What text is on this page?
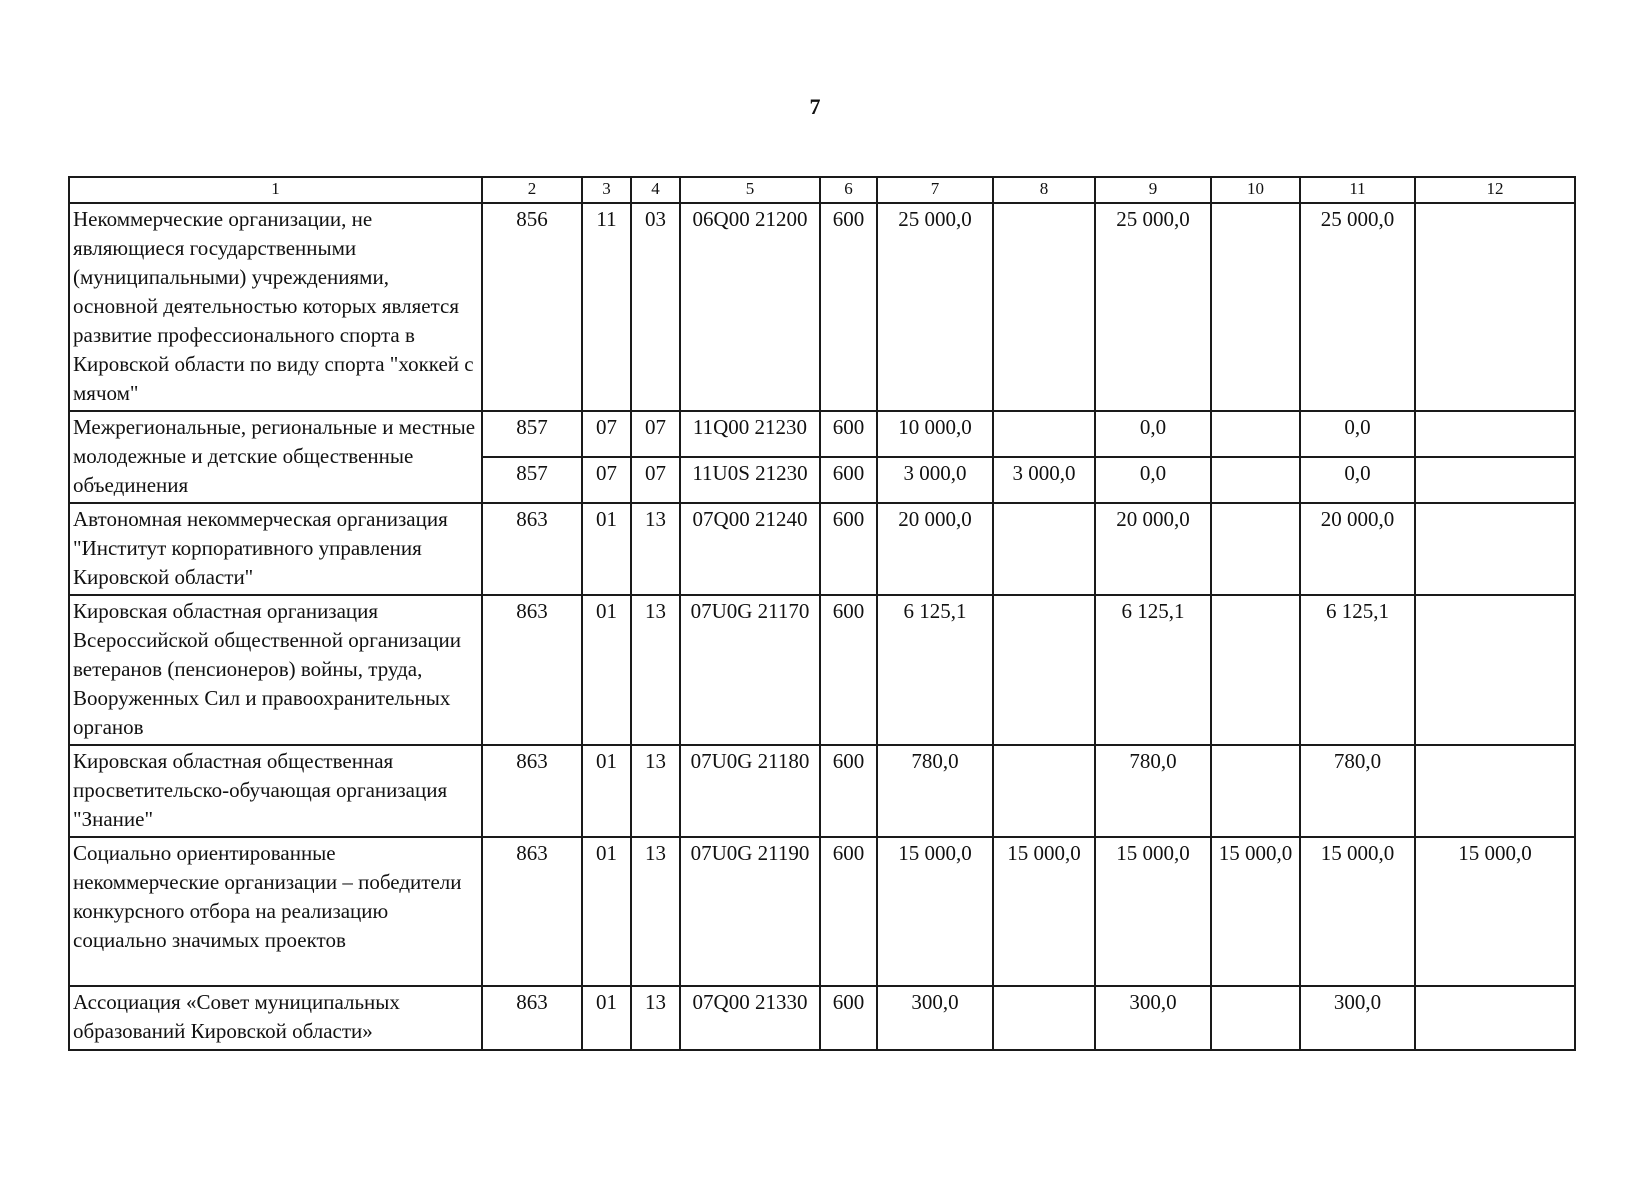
7
1	2	3	4	5	6	7	8	9	10	11	12
Некоммерческие организации, не являющиеся государственными (муниципальными) учреждениями, основной деятельностью которых является развитие профессионального спорта в Кировской области по виду спорта "хоккей с мячом"	856	11	03	06Q00 21200	600	25 000,0		25 000,0		25 000,0	
Межрегиональные, региональные и местные молодежные и детские общественные объединения	857	07	07	11Q00 21230	600	10 000,0		0,0		0,0	
	857	07	07	11U0S 21230	600	3 000,0	3 000,0	0,0		0,0	
Автономная некоммерческая организация "Институт корпоративного управления Кировской области"	863	01	13	07Q00 21240	600	20 000,0		20 000,0		20 000,0	
Кировская областная организация Всероссийской общественной организации ветеранов (пенсионеров) войны, труда, Вооруженных Сил и правоохранительных органов	863	01	13	07U0G 21170	600	6 125,1		6 125,1		6 125,1	
Кировская областная общественная просветительско-обучающая организация "Знание"	863	01	13	07U0G 21180	600	780,0		780,0		780,0	
Социально ориентированные некоммерческие организации – победители конкурсного отбора на реализацию социально значимых проектов	863	01	13	07U0G 21190	600	15 000,0	15 000,0	15 000,0	15 000,0	15 000,0	15 000,0
Ассоциация «Совет муниципальных образований Кировской области»	863	01	13	07Q00 21330	600	300,0		300,0		300,0	
